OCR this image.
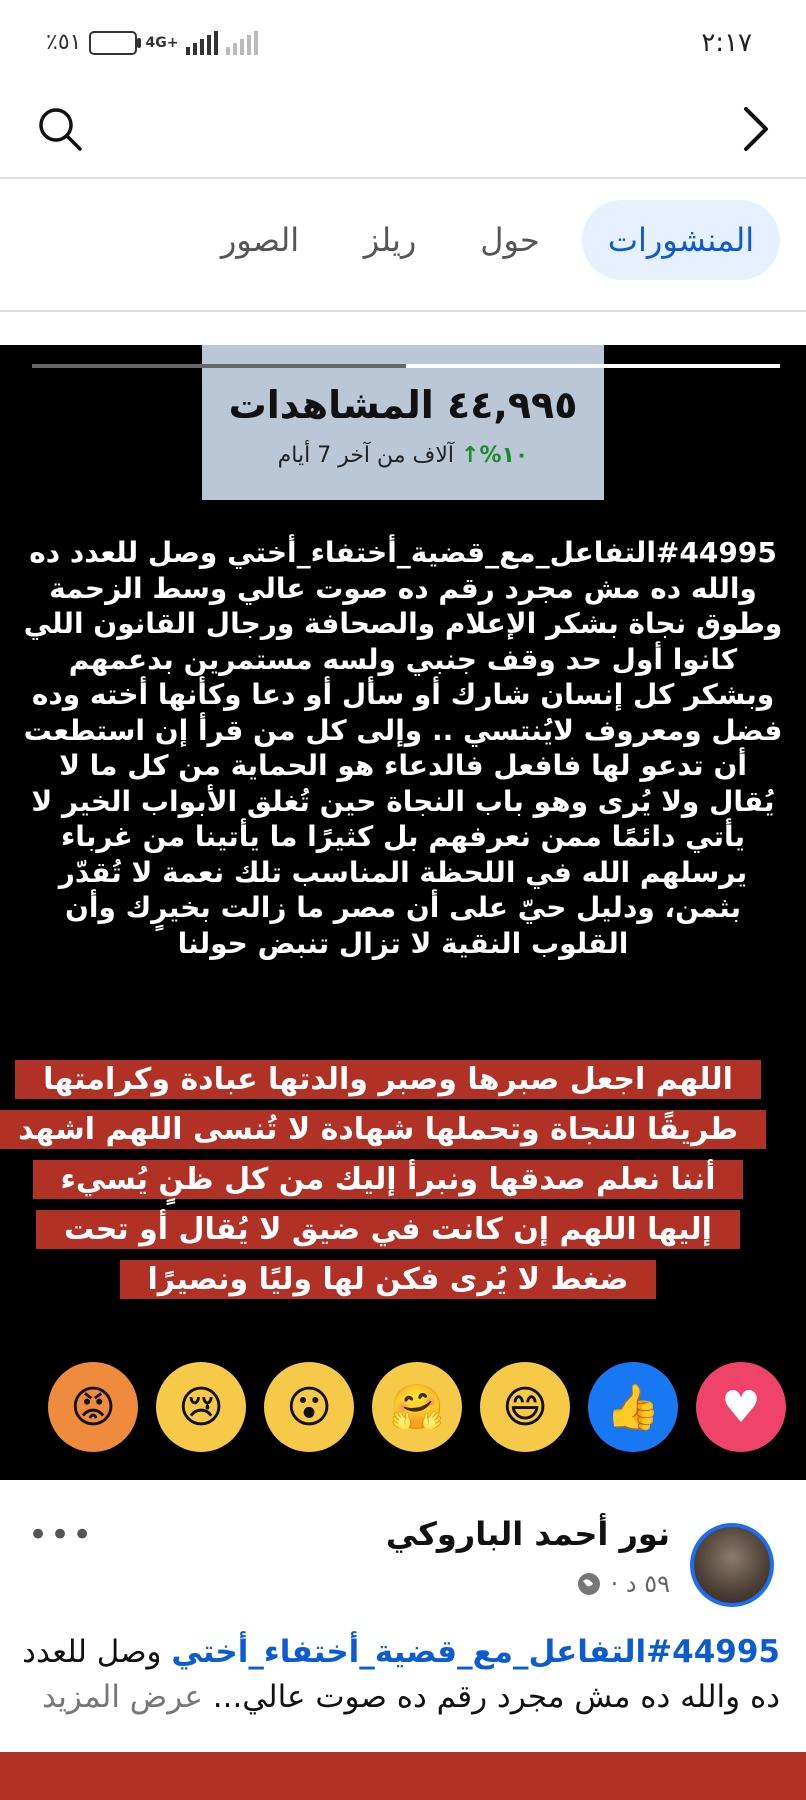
٢:١٧
٪٥١	4G+
المنشورات
حول
ريلز
الصور
٤٤,٩٩٥ المشاهدات
١٠%↑ آلاف من آخر 7 أيام
#44995التفاعل_مع_قضية_أختفاء_أختي وصل للعدد ده والله ده مش مجرد رقم ده صوت عالي وسط الزحمة وطوق نجاة بشكر الإعلام والصحافة ورجال القانون اللي كانوا أول حد وقف جنبي ولسه مستمرين بدعمهم وبشكر كل إنسان شارك أو سأل أو دعا وكأنها أخته وده فضل ومعروف لايُنتسي .. وإلى كل من قرأ إن استطعت أن تدعو لها فافعل فالدعاء هو الحماية من كل ما لا يُقال ولا يُرى وهو باب النجاة حين تُغلق الأبواب الخير لا يأتي دائمًا ممن نعرفهم بل كثيرًا ما يأتينا من غرباء يرسلهم الله في اللحظة المناسب تلك نعمة لا تُقدّر بثمن، ودليل حيّ على أن مصر ما زالت بخيرٍك وأن القلوب النقية لا تزال تنبض حولنا
اللهم اجعل صبرها وصبر والدتها عبادة وكرامتها طريقًا للنجاة وتحملها شهادة لا تُنسى اللهم اشهد أننا نعلم صدقها ونبرأ إليك من كل ظنٍ يُسيء إليها اللهم إن كانت في ضيق لا يُقال أو تحت ضغط لا يُرى فكن لها وليًا ونصيرًا
♥
👍
😄
🤗
😮
😢
😡
نور أحمد الباروكي
٥٩ د ·
•••
#44995التفاعل_مع_قضية_أختفاء_أختي وصل للعدد ده والله ده مش مجرد رقم ده صوت عالي... عرض المزيد
